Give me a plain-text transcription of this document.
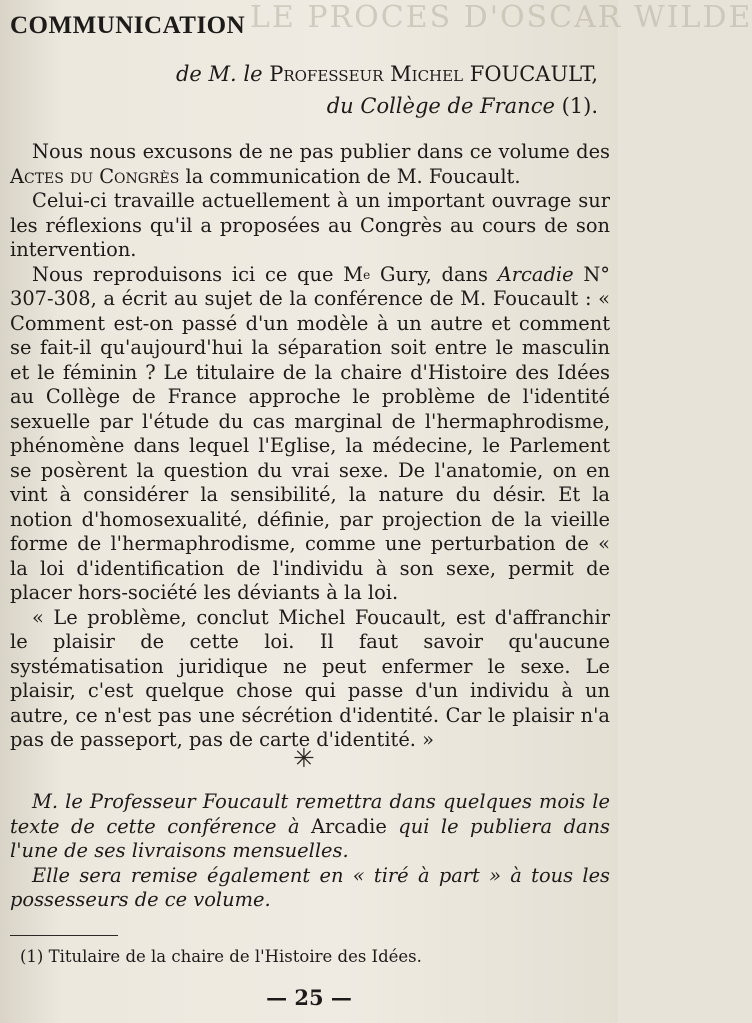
LE PROCES D'OSCAR WILDE
COMMUNICATION
de M. le Professeur Michel FOUCAULT,
du Collège de France (1).

Nous nous excusons de ne pas publier dans ce volume des Actes du Congrès la communication de M. Foucault.

Celui-ci travaille actuellement à un important ouvrage sur les réflexions qu'il a proposées au Congrès au cours de son intervention.

Nous reproduisons ici ce que Me Gury, dans Arcadie N° 307-308, a écrit au sujet de la conférence de M. Foucault : « Comment est-on passé d'un modèle à un autre et comment se fait-il qu'aujourd'hui la séparation soit entre le masculin et le féminin ? Le titulaire de la chaire d'Histoire des Idées au Collège de France approche le problème de l'identité sexuelle par l'étude du cas marginal de l'hermaphrodisme, phénomène dans lequel l'Eglise, la médecine, le Parlement se posèrent la question du vrai sexe. De l'anatomie, on en vint à considérer la sensibilité, la nature du désir. Et la notion d'homosexualité, définie, par projection de la vieille forme de l'hermaphrodisme, comme une perturbation de « la loi d'identification de l'individu à son sexe, permit de placer hors-société les déviants à la loi.

« Le problème, conclut Michel Foucault, est d'affranchir le plaisir de cette loi. Il faut savoir qu'aucune systématisation juridique ne peut enfermer le sexe. Le plaisir, c'est quelque chose qui passe d'un individu à un autre, ce n'est pas une sécrétion d'identité. Car le plaisir n'a pas de passeport, pas de carte d'identité. »

✳

M. le Professeur Foucault remettra dans quelques mois le texte de cette conférence à Arcadie qui le publiera dans l'une de ses livraisons mensuelles.

Elle sera remise également en « tiré à part » à tous les possesseurs de ce volume.

(1) Titulaire de la chaire de l'Histoire des Idées.
— 25 —
